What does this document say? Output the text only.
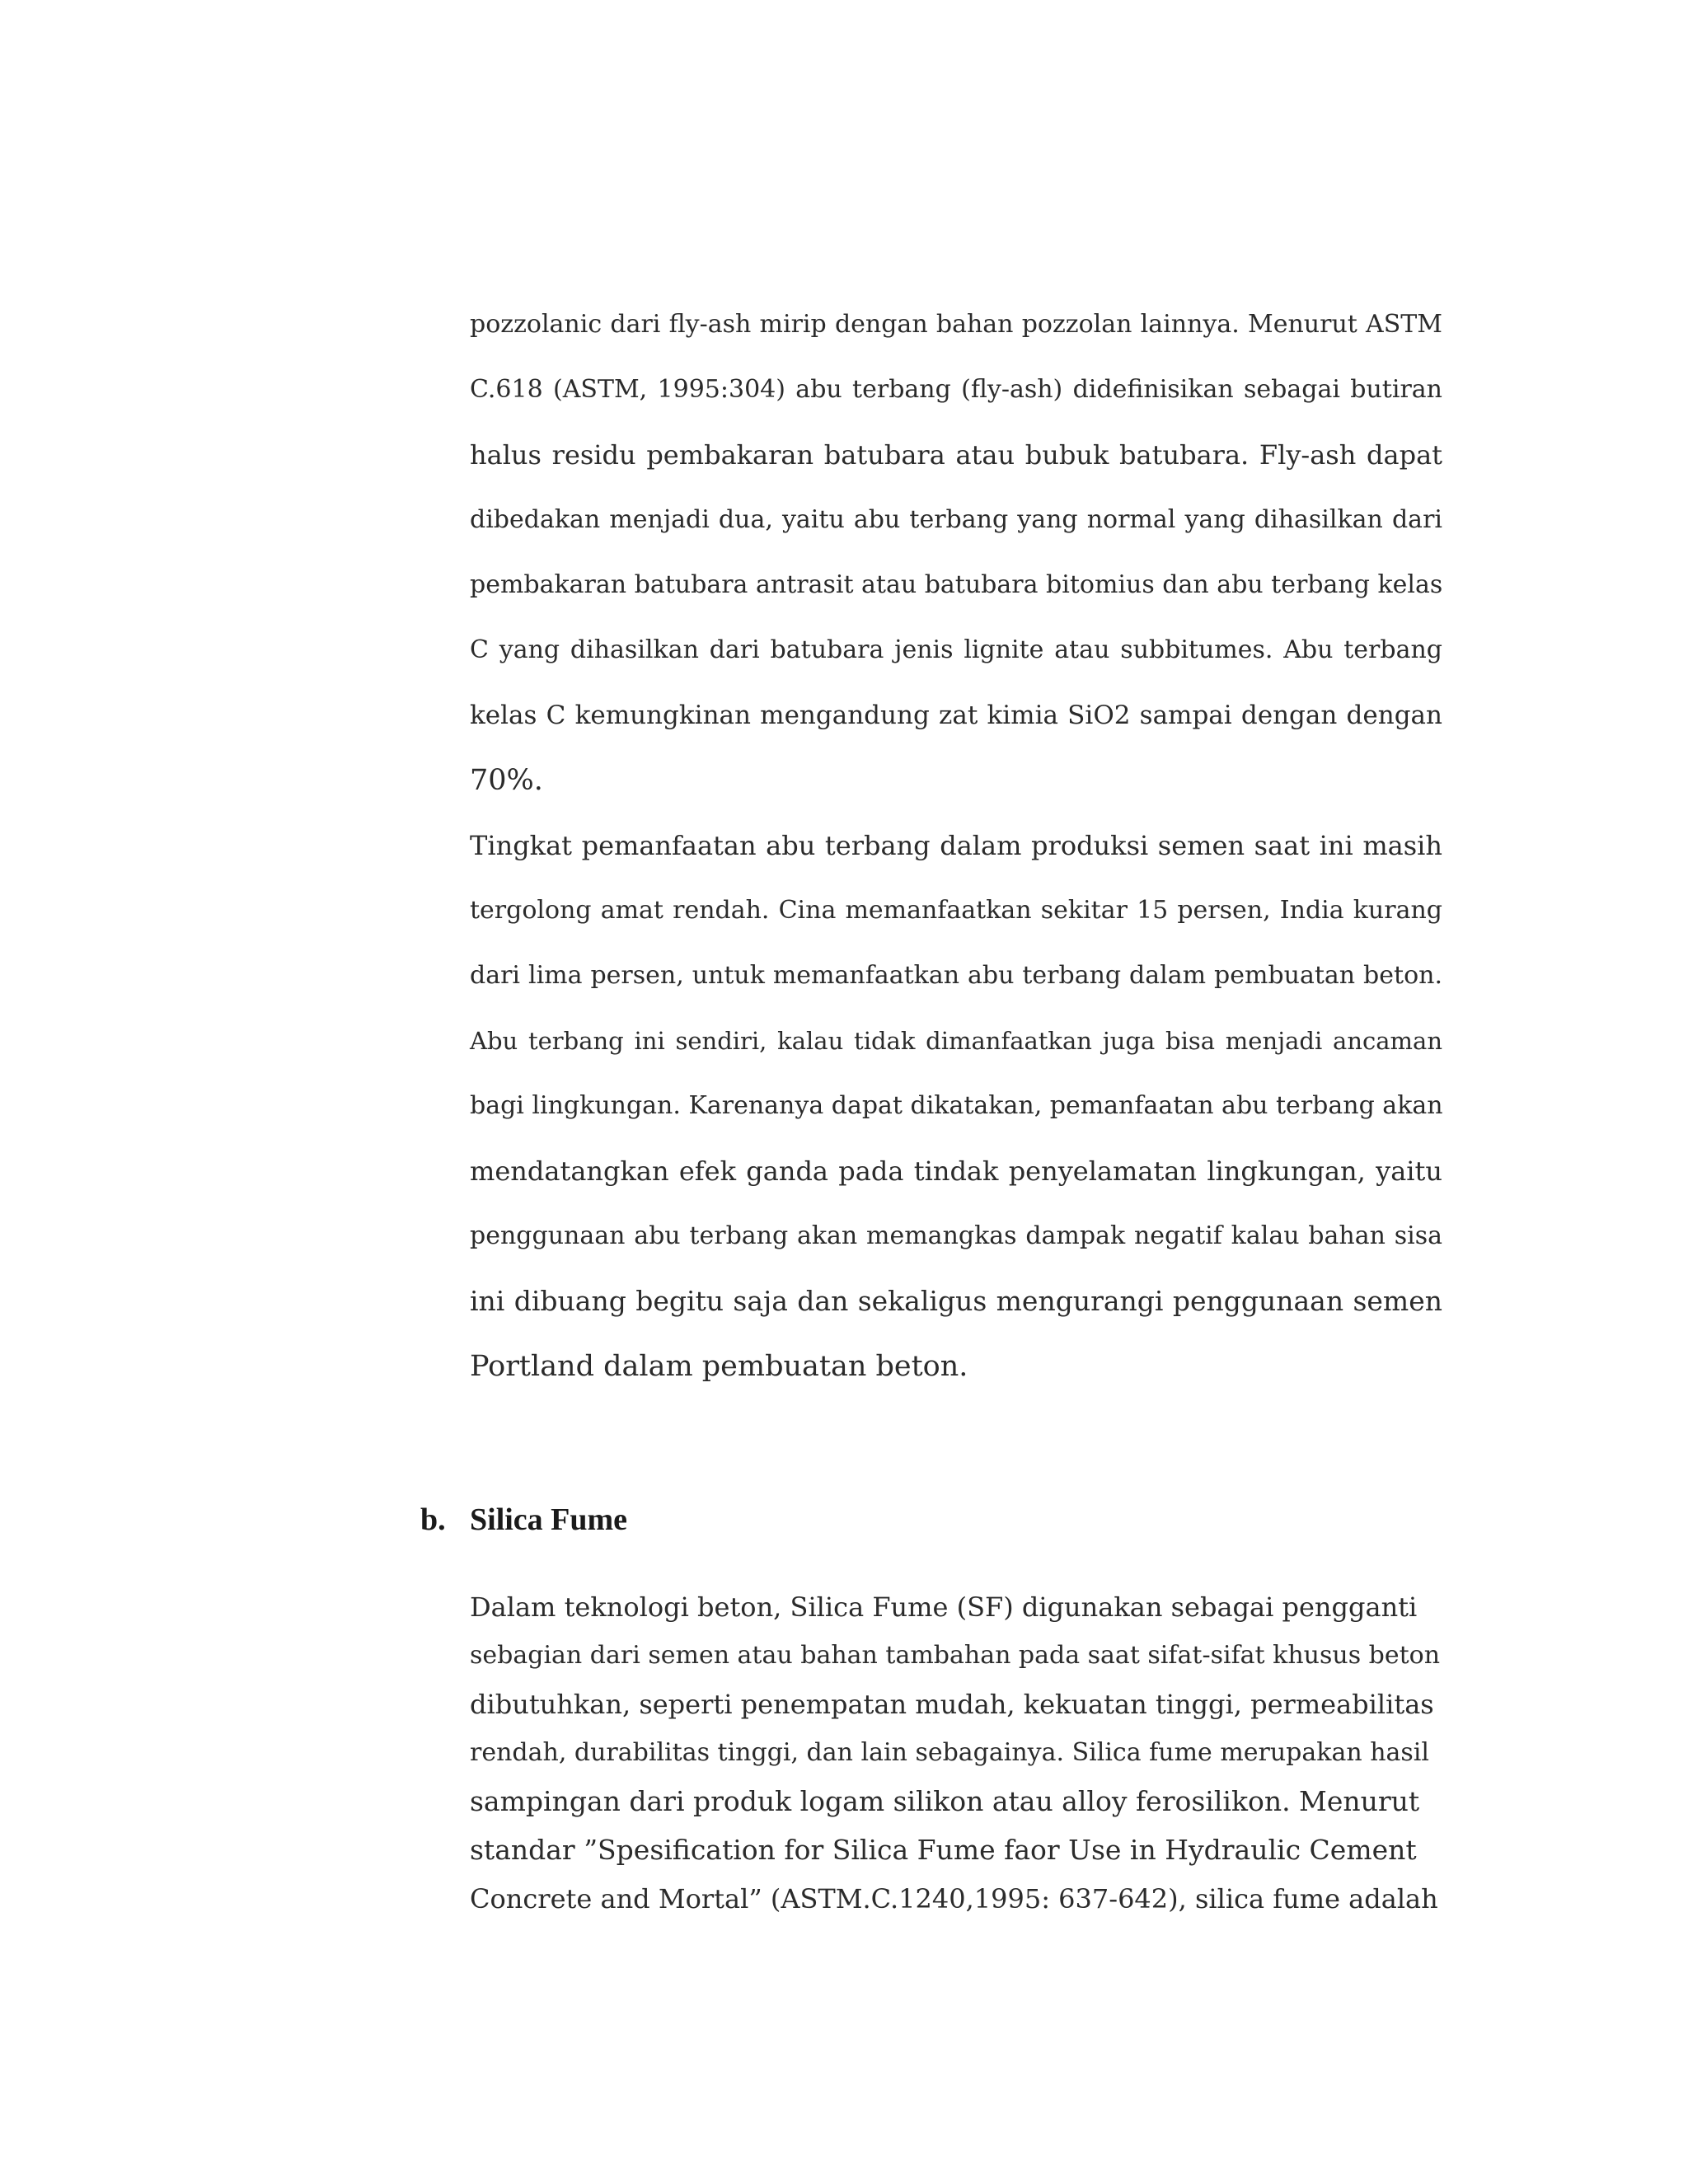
pozzolanic dari fly-ash mirip dengan bahan pozzolan lainnya. Menurut ASTM
C.618 (ASTM, 1995:304) abu terbang (fly-ash) didefinisikan sebagai butiran
halus residu pembakaran batubara atau bubuk batubara. Fly-ash dapat
dibedakan menjadi dua, yaitu abu terbang yang normal yang dihasilkan dari
pembakaran batubara antrasit atau batubara bitomius dan abu terbang kelas
C yang dihasilkan dari batubara jenis lignite atau subbitumes. Abu terbang
kelas C kemungkinan mengandung zat kimia SiO2 sampai dengan dengan
70%.
Tingkat pemanfaatan abu terbang dalam produksi semen saat ini masih
tergolong amat rendah. Cina memanfaatkan sekitar 15 persen, India kurang
dari lima persen, untuk memanfaatkan abu terbang dalam pembuatan beton.
Abu terbang ini sendiri, kalau tidak dimanfaatkan juga bisa menjadi ancaman
bagi lingkungan. Karenanya dapat dikatakan, pemanfaatan abu terbang akan
mendatangkan efek ganda pada tindak penyelamatan lingkungan, yaitu
penggunaan abu terbang akan memangkas dampak negatif kalau bahan sisa
ini dibuang begitu saja dan sekaligus mengurangi penggunaan semen
Portland dalam pembuatan beton.
b. Silica Fume
Dalam teknologi beton, Silica Fume (SF) digunakan sebagai pengganti
sebagian dari semen atau bahan tambahan pada saat sifat-sifat khusus beton
dibutuhkan, seperti penempatan mudah, kekuatan tinggi, permeabilitas
rendah, durabilitas tinggi, dan lain sebagainya. Silica fume merupakan hasil
sampingan dari produk logam silikon atau alloy ferosilikon. Menurut
standar ”Spesification for Silica Fume faor Use in Hydraulic Cement
Concrete and Mortal” (ASTM.C.1240,1995: 637-642), silica fume adalah
